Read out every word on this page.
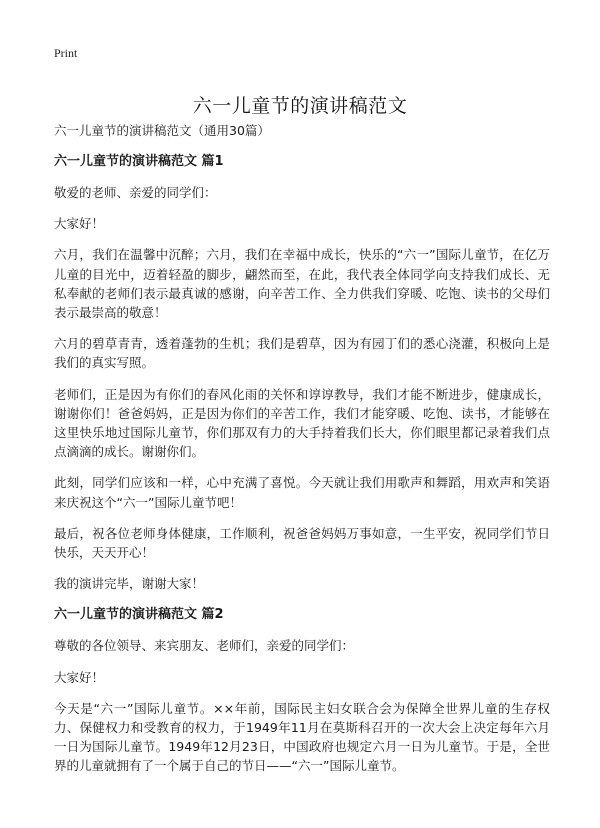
Print
六一儿童节的演讲稿范文

六一儿童节的演讲稿范文（通用30篇）

六一儿童节的演讲稿范文 篇1

敬爱的老师、亲爱的同学们：

大家好！

六月，我们在温馨中沉醉；六月，我们在幸福中成长，快乐的“六一”国际儿童节，在亿万儿童的目光中，迈着轻盈的脚步，翩然而至，在此，我代表全体同学向支持我们成长、无私奉献的老师们表示最真诚的感谢，向辛苦工作、全力供我们穿暖、吃饱、读书的父母们表示最崇高的敬意！

六月的碧草青青，透着蓬勃的生机；我们是碧草，因为有园丁们的悉心浇灌，积极向上是我们的真实写照。

老师们，正是因为有你们的春风化雨的关怀和谆谆教导，我们才能不断进步，健康成长，谢谢你们！爸爸妈妈，正是因为你们的辛苦工作，我们才能穿暖、吃饱、读书，才能够在这里快乐地过国际儿童节，你们那双有力的大手持着我们长大，你们眼里都记录着我们点点滴滴的成长。谢谢你们。

此刻，同学们应该和一样，心中充满了喜悦。今天就让我们用歌声和舞蹈，用欢声和笑语来庆祝这个“六一”国际儿童节吧！

最后，祝各位老师身体健康，工作顺利，祝爸爸妈妈万事如意，一生平安，祝同学们节日快乐，天天开心！

我的演讲完毕，谢谢大家！

六一儿童节的演讲稿范文 篇2

尊敬的各位领导、来宾朋友、老师们，亲爱的同学们：

大家好！

今天是“六一”国际儿童节。××年前，国际民主妇女联合会为保障全世界儿童的生存权力、保健权力和受教育的权力，于1949年11月在莫斯科召开的一次大会上决定每年六月一日为国际儿童节。1949年12月23日，中国政府也规定六月一日为儿童节。于是，全世界的儿童就拥有了一个属于自己的节日——“六一”国际儿童节。
